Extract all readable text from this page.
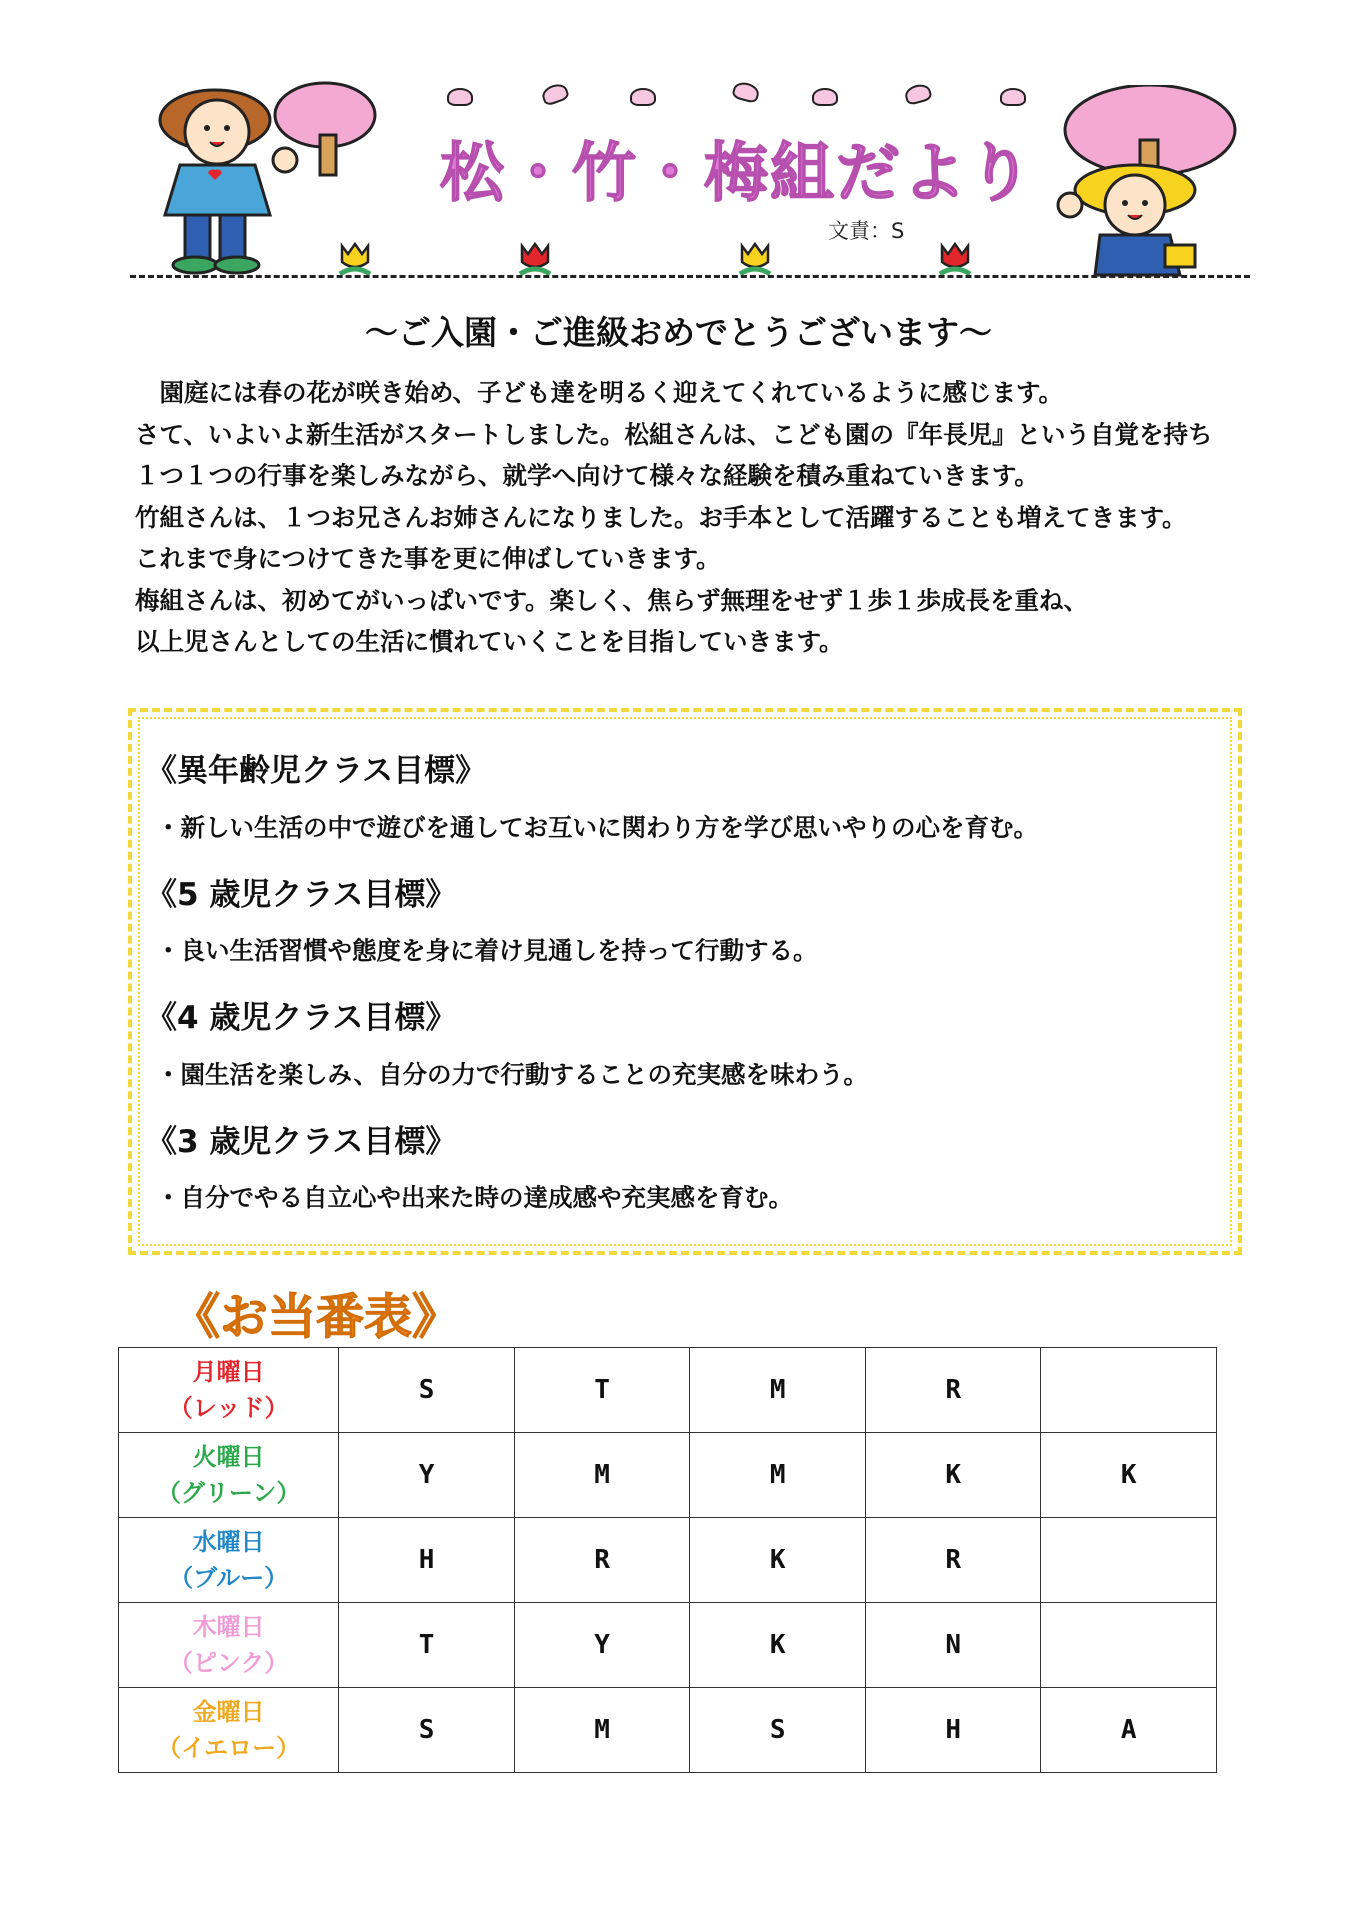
松・竹・梅組だより
文責：S
～ご入園・ご進級おめでとうございます～

　園庭には春の花が咲き始め、子ども達を明るく迎えてくれているように感じます。

さて、いよいよ新生活がスタートしました。松組さんは、こども園の『年長児』という自覚を持ち

１つ１つの行事を楽しみながら、就学へ向けて様々な経験を積み重ねていきます。

竹組さんは、１つお兄さんお姉さんになりました。お手本として活躍することも増えてきます。

これまで身につけてきた事を更に伸ばしていきます。

梅組さんは、初めてがいっぱいです。楽しく、焦らず無理をせず１歩１歩成長を重ね、

以上児さんとしての生活に慣れていくことを目指していきます。

《異年齢児クラス目標》
・新しい生活の中で遊びを通してお互いに関わり方を学び思いやりの心を育む。
《5 歳児クラス目標》
・良い生活習慣や態度を身に着け見通しを持って行動する。
《4 歳児クラス目標》
・園生活を楽しみ、自分の力で行動することの充実感を味わう。
《3 歳児クラス目標》
・自分でやる自立心や出来た時の達成感や充実感を育む。
《お当番表》
月曜日
（レッド）	S	T	M	R	

火曜日
（グリーン）	Y	M	M	K	K

水曜日
（ブルー）	H	R	K	R	

木曜日
（ピンク）	T	Y	K	N	

金曜日
（イエロー）	S	M	S	H	A
